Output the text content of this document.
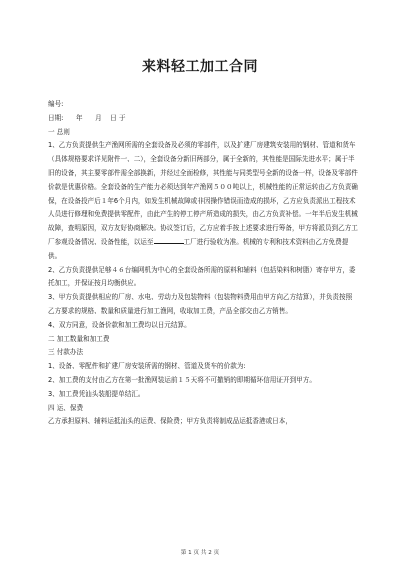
来料轻工加工合同

编号:

日期:      年      月    日 于

一 总则

1、乙方负责提供生产渔网所需的全套设备及必须的零部件，以及扩建厂房建筑安装用的钢材、管道和货车（具体规格要求详见附件一、二），全套设备分新旧两部分，属于全新的，其性能是国际先进水平；属于半旧的设备，其主要零部件需全部换新，并经过全面检修，其性能与同类型号全新的设备一样，设备及零部件价款是优惠价格。全套设备的生产能力必须达到年产渔网５００吨以上，机械性能的正常运转由乙方负责确保，在设备投产后１年6个月内，如发生机械故障或非因操作错误而造成的损坏，乙方应负责派出工程技术人员进行修理和免费提供零配件，由此产生的停工停产所造成的损失，由乙方负责补偿。一年半后发生机械故障，查明原因，双方友好协商解决。协议签订后，乙方应着手按上述要求进行筹备，甲方将派员到乙方工厂参观设备情况、设备性能，以运至	工厂进行验收为准。机械的专利和技术资料由乙方免费提供。

2、乙方负责提供足够４６台编网机为中心的全套设备所需的原料和辅料（包括染料和树脂）寄存甲方，委托加工，并保证按月均衡供应。

3、甲方负责提供相应的厂房、水电、劳动力及包装物料（包装物料费用由甲方向乙方结算），并负责按照乙方要求的规格、数量和质量进行加工渔网，收取加工费，产品全部交由乙方销售。

4、双方同意，设备价款和加工费均以日元结算。

二 加工数量和加工费

三 付款办法

1、设备、零配件和扩建厂房安装所需的钢材、管道及货车的价款为:

2、加工费的支付由乙方在第一批渔网装运前１５天将不可撤销的即期循环信用证开到甲方。

3、加工费凭汕头装船提单结汇。

四 运、保费

乙方承担原料、辅料运抵汕头的运费、保险费；甲方负责将制成品运抵香港或日本，

第 1 页 共 2 页
